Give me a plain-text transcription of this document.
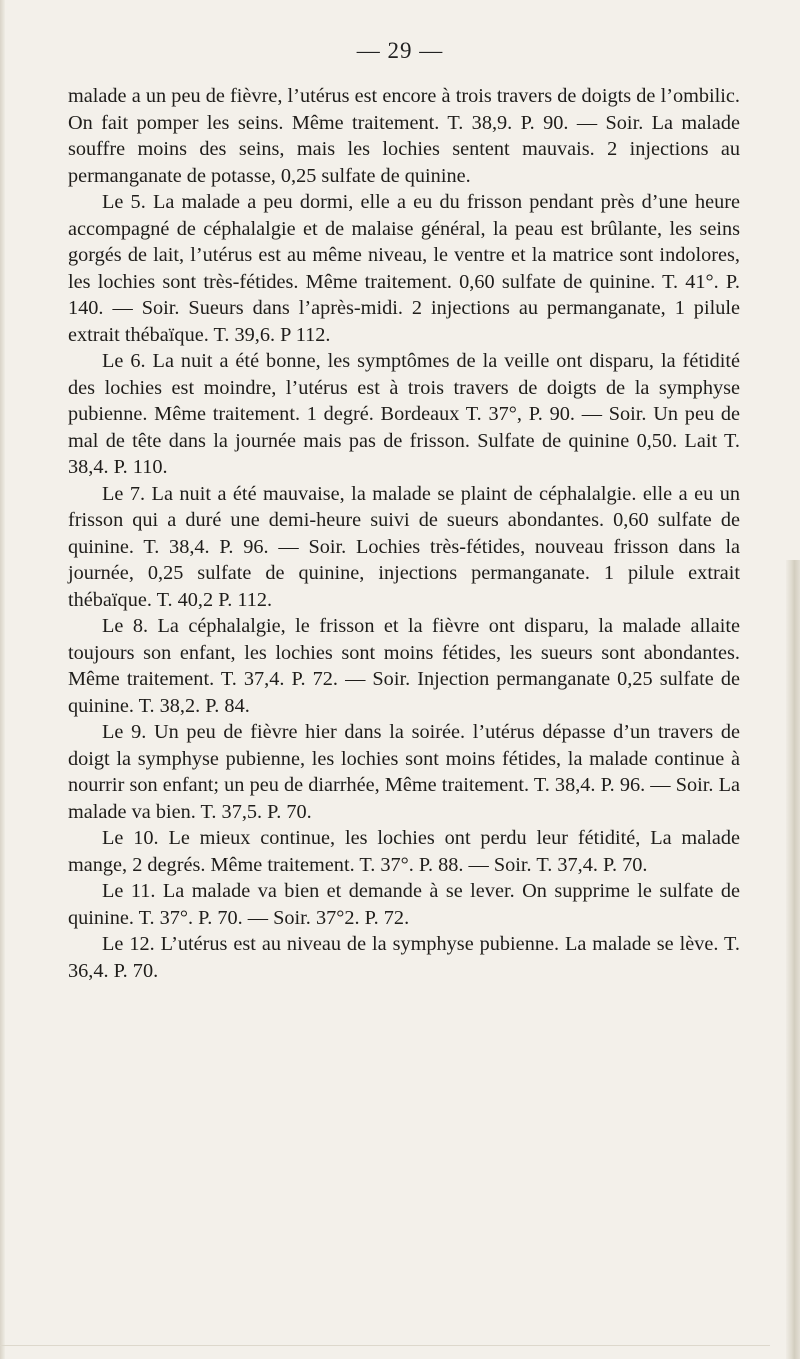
— 29 —

malade a un peu de fièvre, l’utérus est encore à trois travers de doigts de l’ombilic. On fait pomper les seins. Même traitement. T. 38,9. P. 90. — Soir. La malade souffre moins des seins, mais les lochies sentent mauvais. 2 injections au permanganate de potasse, 0,25 sulfate de quinine.

Le 5. La malade a peu dormi, elle a eu du frisson pendant près d’une heure accompagné de céphalalgie et de malaise général, la peau est brûlante, les seins gorgés de lait, l’utérus est au même niveau, le ventre et la matrice sont indolores, les lochies sont très-fétides. Même traitement. 0,60 sulfate de quinine. T. 41°. P. 140. — Soir. Sueurs dans l’après-midi. 2 injections au permanganate, 1 pilule extrait thébaïque. T. 39,6. P 112.

Le 6. La nuit a été bonne, les symptômes de la veille ont disparu, la fétidité des lochies est moindre, l’utérus est à trois travers de doigts de la symphyse pubienne. Même traitement. 1 degré. Bordeaux T. 37°, P. 90. — Soir. Un peu de mal de tête dans la journée mais pas de frisson. Sulfate de quinine 0,50. Lait T. 38,4. P. 110.

Le 7. La nuit a été mauvaise, la malade se plaint de céphalalgie. elle a eu un frisson qui a duré une demi-heure suivi de sueurs abondantes. 0,60 sulfate de quinine. T. 38,4. P. 96. — Soir. Lochies très-fétides, nouveau frisson dans la journée, 0,25 sulfate de quinine, injections permanganate. 1 pilule extrait thébaïque. T. 40,2 P. 112.

Le 8. La céphalalgie, le frisson et la fièvre ont disparu, la malade allaite toujours son enfant, les lochies sont moins fétides, les sueurs sont abondantes. Même traitement. T. 37,4. P. 72. — Soir. Injection permanganate 0,25 sulfate de quinine. T. 38,2. P. 84.

Le 9. Un peu de fièvre hier dans la soirée. l’utérus dépasse d’un travers de doigt la symphyse pubienne, les lochies sont moins fétides, la malade continue à nourrir son enfant; un peu de diarrhée, Même traitement. T. 38,4. P. 96. — Soir. La malade va bien. T. 37,5. P. 70.

Le 10. Le mieux continue, les lochies ont perdu leur fétidité, La malade mange, 2 degrés. Même traitement. T. 37°. P. 88. — Soir. T. 37,4. P. 70.

Le 11. La malade va bien et demande à se lever. On supprime le sulfate de quinine. T. 37°. P. 70. — Soir. 37°2. P. 72.

Le 12. L’utérus est au niveau de la symphyse pubienne. La malade se lève. T. 36,4. P. 70.
